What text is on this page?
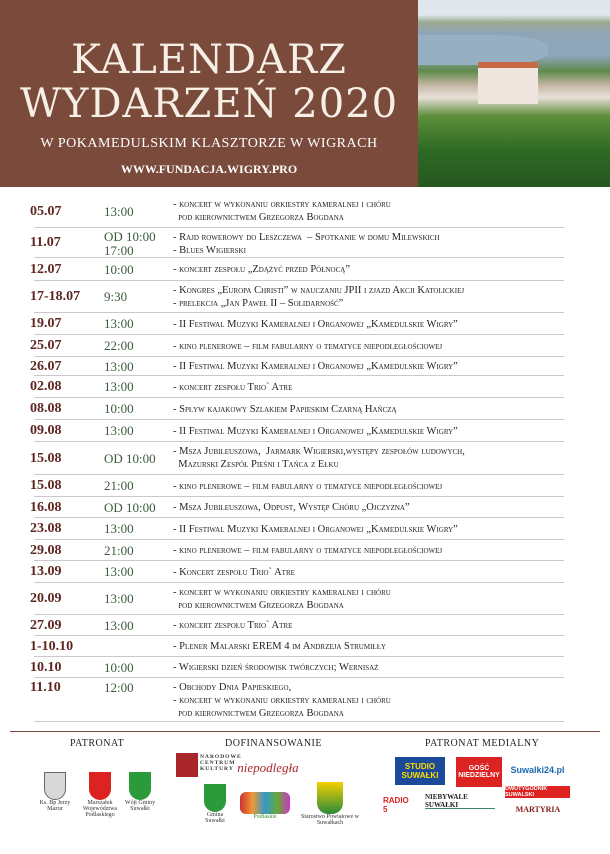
KALENDARZ
WYDARZEŃ 2020
W POKAMEDULSKIM KLASZTORZE W WIGRACH
WWW.FUNDACJA.WIGRY.PRO
05.07	13:00	- koncert w wykonaniu orkiestry kameralnej i chóru
pod kierownictwem Grzegorza Bogdana
11.07	OD 10:00
17:00
- Rajd rowerowy do Leszczewa  – Spotkanie w domu Milewskich
- Blues Wigierski
12.07	10:00	- koncert zespołu „Zdążyć przed Północą”
17-18.07 9:30	- Kongres „Europa Christi” w nauczaniu JPII i zjazd Akcji Katolickiej
- prelekcja „Jan Paweł II – Solidarność”
19.07	13:00	- II Festiwal Muzyki Kameralnej i Organowej „Kamedulskie Wigry”
25.07	22:00	- kino plenerowe – film fabularny o tematyce niepodległościowej
26.07	13:00	- II Festiwal Muzyki Kameralnej i Organowej „Kamedulskie Wigry”
02.08	13:00	- koncert zespołu Trio` Atre
08.08	10:00	- Spływ kajakowy Szlakiem Papieskim Czarną Hańczą
09.08	13:00	- II Festiwal Muzyki Kameralnej i Organowej „Kamedulskie Wigry”
15.08	OD 10:00 - Msza Jubileuszowa,  Jarmark Wigierski,występy zespołów ludowych,
Mazurski Zespół Pieśni i Tańca z Ełku
15.08	21:00	- kino plenerowe – film fabularny o tematyce niepodległościowej
16.08	OD 10:00 - Msza Jubileuszowa, Odpust, Występ Chóru „Ojczyzna”
23.08	13:00	- II Festiwal Muzyki Kameralnej i Organowej „Kamedulskie Wigry”
29.08	21:00	- kino plenerowe – film fabularny o tematyce niepodległościowej
13.09	13:00	- Koncert zespołu Trio` Atre
20.09	13:00	- koncert w wykonaniu orkiestry kameralnej i chóru
pod kierownictwem Grzegorza Bogdana
27.09	13:00	- koncert zespołu Trio` Atre
1-10.10	- Plener Malarski EREM 4 im Andrzeja Strumiłły
10.10	10:00	- Wigierski dzień środowisk twórczych; Wernisaż
11.10	12:00	- Obchody Dnia Papieskiego,
- koncert w wykonaniu orkiestry kameralnej i chóru
pod kierownictwem Grzegorza Bogdana
PATRONAT	DOFINANSOWANIE	PATRONAT MEDIALNY
Ks. Bp Jerzy Mazur
Marszałek Województwa Podlaskiego
Wójt Gminy Suwałki
NARODOWE CENTRUM KULTURY niepodległa
Gmina Suwałki
Podlaskie	Starostwo Powiatowe w Suwałkach
STUDIO SUWAŁKI
GOŚĆ NIEDZIELNY
Suwalki24.pl
RADIO 5
NIEBYWALE SUWAŁKI
DWUTYGODNIK SUWALSKI
MARTYRIA
